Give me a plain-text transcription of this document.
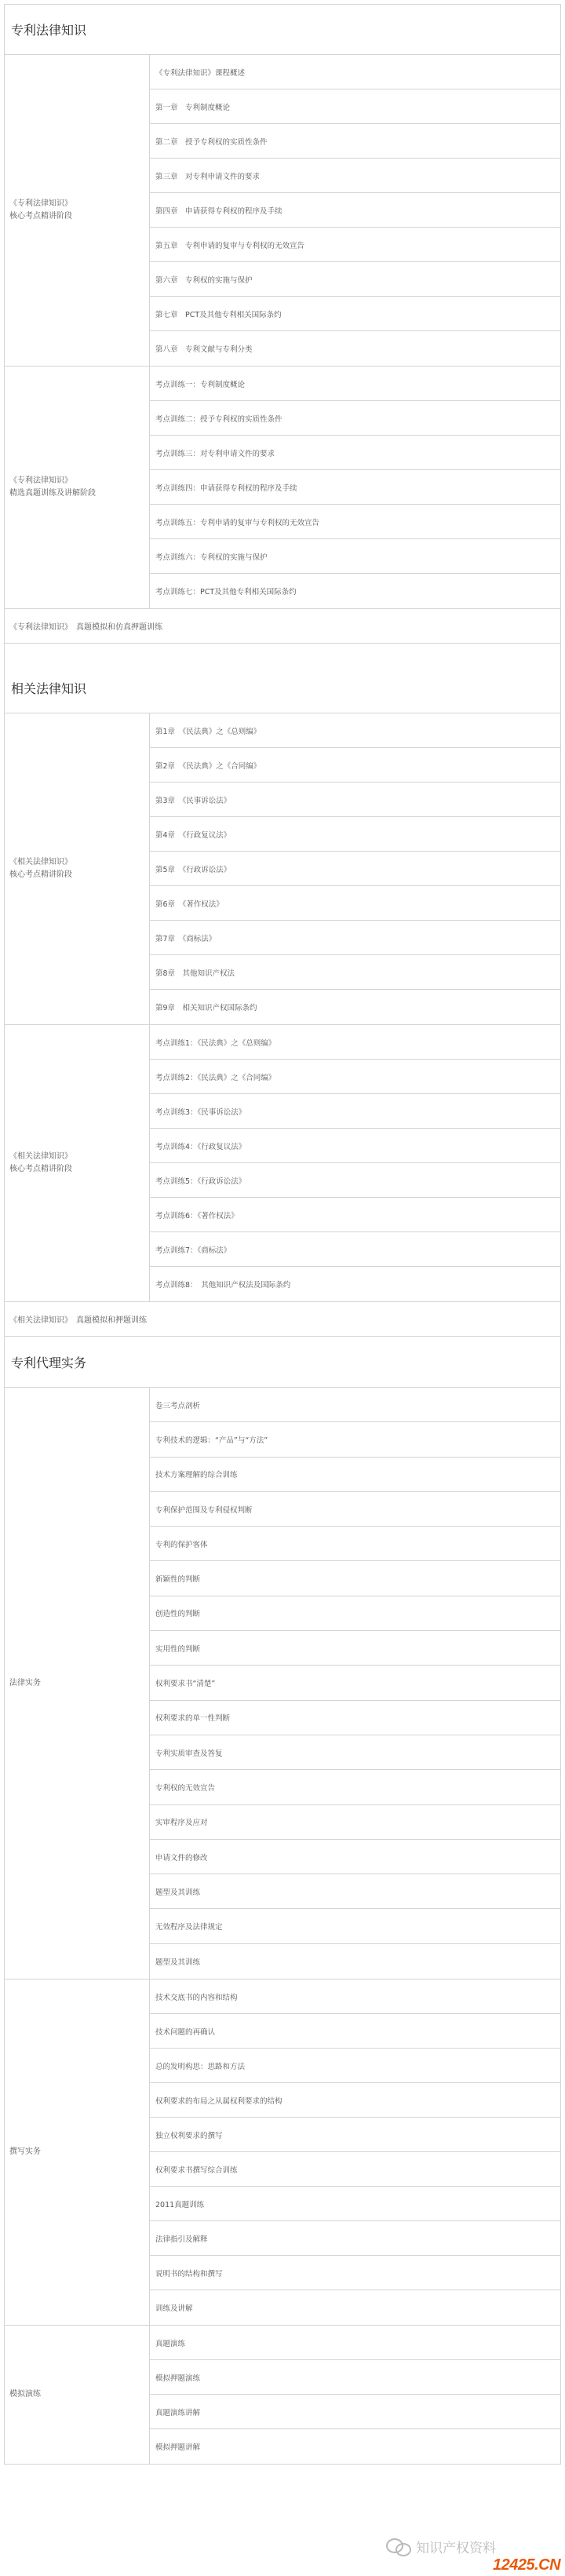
专利法律知识
《专利法律知识》
核心考点精讲阶段
《专利法律知识》课程概述
第一章　专利制度概论
第二章　授予专利权的实质性条件
第三章　对专利申请文件的要求
第四章　申请获得专利权的程序及手续
第五章　专利申请的复审与专利权的无效宣告
第六章　专利权的实施与保护
第七章　PCT及其他专利相关国际条约
第八章　专利文献与专利分类
《专利法律知识》
精选真题训练及讲解阶段
考点训练一：专利制度概论
考点训练二：授予专利权的实质性条件
考点训练三：对专利申请文件的要求
考点训练四：申请获得专利权的程序及手续
考点训练五：专利申请的复审与专利权的无效宣告
考点训练六：专利权的实施与保护
考点训练七：PCT及其他专利相关国际条约
《专利法律知识》　真题模拟和仿真押题训练
相关法律知识
《相关法律知识》
核心考点精讲阶段
第1章　《民法典》之《总则编》
第2章　《民法典》之《合同编》
第3章　《民事诉讼法》
第4章　《行政复议法》
第5章　《行政诉讼法》
第6章　《著作权法》
第7章　《商标法》
第8章　其他知识产权法
第9章　相关知识产权国际条约
《相关法律知识》
核心考点精讲阶段
考点训练1：《民法典》之《总则编》
考点训练2：《民法典》之《合同编》
考点训练3：《民事诉讼法》
考点训练4：《行政复议法》
考点训练5：《行政诉讼法》
考点训练6：《著作权法》
考点训练7：《商标法》
考点训练8：　其他知识产权法及国际条约
《相关法律知识》　真题模拟和押题训练
专利代理实务
法律实务
卷三考点剖析
专利技术的逻辑：“产品”与“方法”
技术方案理解的综合训练
专利保护范围及专利侵权判断
专利的保护客体
新颖性的判断
创造性的判断
实用性的判断
权利要求书“清楚”
权利要求的单一性判断
专利实质审查及答复
专利权的无效宣告
实审程序及应对
申请文件的修改
题型及其训练
无效程序及法律规定
题型及其训练
撰写实务
技术交底书的内容和结构
技术问题的再确认
总的发明构思：思路和方法
权利要求的布局之从属权利要求的结构
独立权利要求的撰写
权利要求书撰写综合训练
2011真题训练
法律指引及解释
说明书的结构和撰写
训练及讲解
模拟演练
真题演练
模拟押题演练
真题演练讲解
模拟押题讲解
知识产权资料
12425.CN
